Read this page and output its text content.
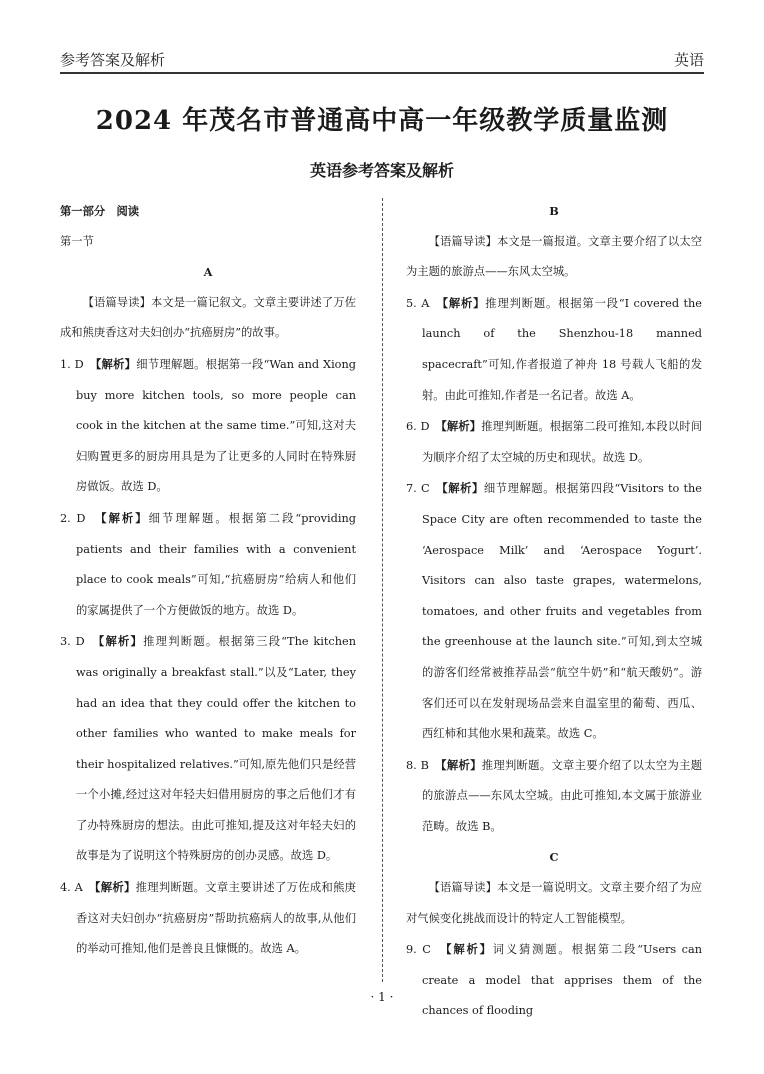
参考答案及解析	英语
2024 年茂名市普通高中高一年级教学质量监测
英语参考答案及解析

第一部分　阅读

第一节

A

【语篇导读】本文是一篇记叙文。文章主要讲述了万佐成和熊庚香这对夫妇创办“抗癌厨房”的故事。

1. D　 【解析】细节理解题。根据第一段“Wan and Xiong buy more kitchen tools, so more people can cook in the kitchen at the same time.”可知,这对夫妇购置更多的厨房用具是为了让更多的人同时在特殊厨房做饭。故选 D。

2. D　 【解析】细节理解题。根据第二段“providing patients and their families with a convenient place to cook meals”可知,“抗癌厨房”给病人和他们的家属提供了一个方便做饭的地方。故选 D。

3. D　 【解析】推理判断题。根据第三段“The kitchen was originally a breakfast stall.”以及“Later, they had an idea that they could offer the kitchen to other families who wanted to make meals for their hospitalized relatives.”可知,原先他们只是经营一个小摊,经过这对年轻夫妇借用厨房的事之后他们才有了办特殊厨房的想法。由此可推知,提及这对年轻夫妇的故事是为了说明这个特殊厨房的创办灵感。故选 D。

4. A　 【解析】推理判断题。文章主要讲述了万佐成和熊庚香这对夫妇创办“抗癌厨房”帮助抗癌病人的故事,从他们的举动可推知,他们是善良且慷慨的。故选 A。

B

【语篇导读】本文是一篇报道。文章主要介绍了以太空为主题的旅游点——东风太空城。

5. A　 【解析】推理判断题。根据第一段“I covered the launch of the Shenzhou-18 manned spacecraft”可知,作者报道了神舟 18 号载人飞船的发射。由此可推知,作者是一名记者。故选 A。

6. D　 【解析】推理判断题。根据第二段可推知,本段以时间为顺序介绍了太空城的历史和现状。故选 D。

7. C　 【解析】细节理解题。根据第四段“Visitors to the Space City are often recommended to taste the ‘Aerospace Milk’ and ‘Aerospace Yogurt’. Visitors can also taste grapes, watermelons, tomatoes, and other fruits and vegetables from the greenhouse at the launch site.”可知,到太空城的游客们经常被推荐品尝“航空牛奶”和“航天酸奶”。游客们还可以在发射现场品尝来自温室里的葡萄、西瓜、西红柿和其他水果和蔬菜。故选 C。

8. B　 【解析】推理判断题。文章主要介绍了以太空为主题的旅游点——东风太空城。由此可推知,本文属于旅游业范畴。故选 B。

C

【语篇导读】本文是一篇说明文。文章主要介绍了为应对气候变化挑战而设计的特定人工智能模型。

9. C　 【解析】词义猜测题。根据第二段“Users can create a model that apprises them of the chances of flooding

· 1 ·
